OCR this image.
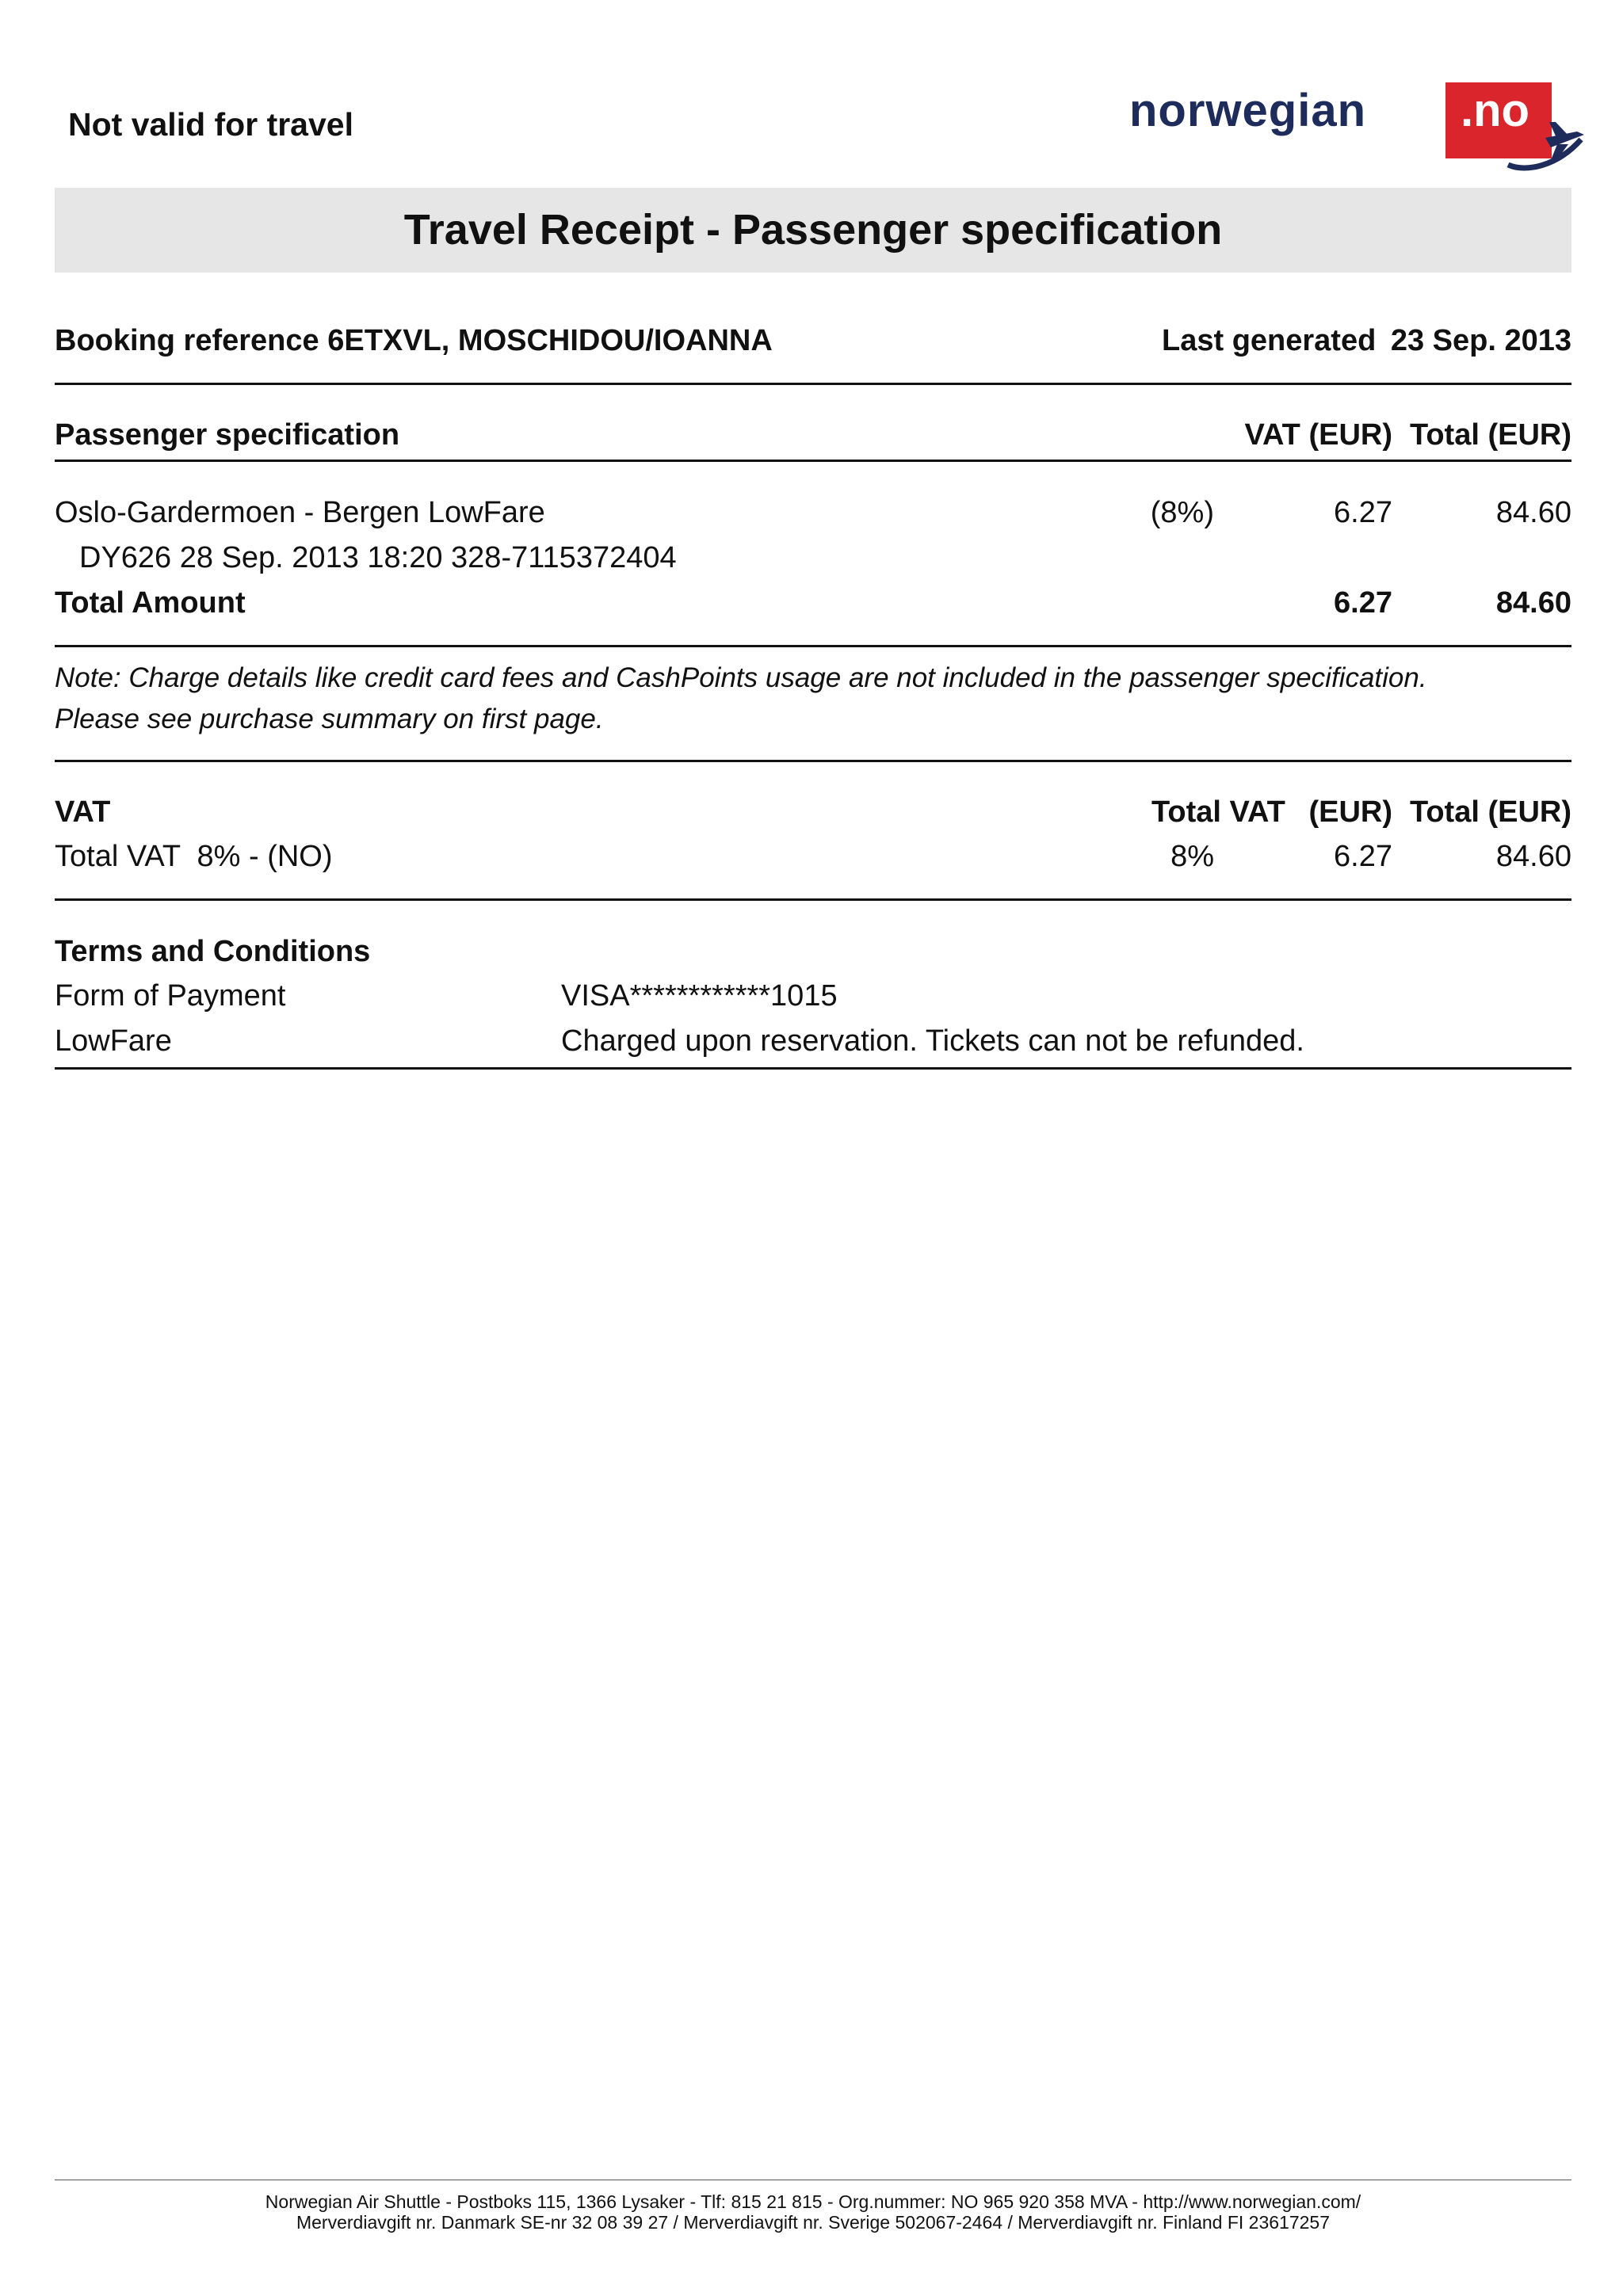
Not valid for travel	norwegian .no
Travel Receipt - Passenger specification
Booking reference 6ETXVL, MOSCHIDOU/IOANNA	Last generated 23 Sep. 2013
Passenger specification	VAT (EUR) Total (EUR)
Oslo-Gardermoen - Bergen LowFare	(8%)	6.27	84.60
DY626 28 Sep. 2013 18:20 328-7115372404
Total Amount	6.27	84.60
Note: Charge details like credit card fees and CashPoints usage are not included in the passenger specification.
Please see purchase summary on first page.
VAT	Total VAT (EUR) Total (EUR)
Total VAT  8% - (NO)	8%	6.27	84.60
Terms and Conditions
Form of Payment	VISA************1015
LowFare	Charged upon reservation. Tickets can not be refunded.
Norwegian Air Shuttle - Postboks 115, 1366 Lysaker - Tlf: 815 21 815 - Org.nummer: NO 965 920 358 MVA - http://www.norwegian.com/
Merverdiavgift nr. Danmark SE-nr 32 08 39 27 / Merverdiavgift nr. Sverige 502067-2464 / Merverdiavgift nr. Finland FI 23617257
